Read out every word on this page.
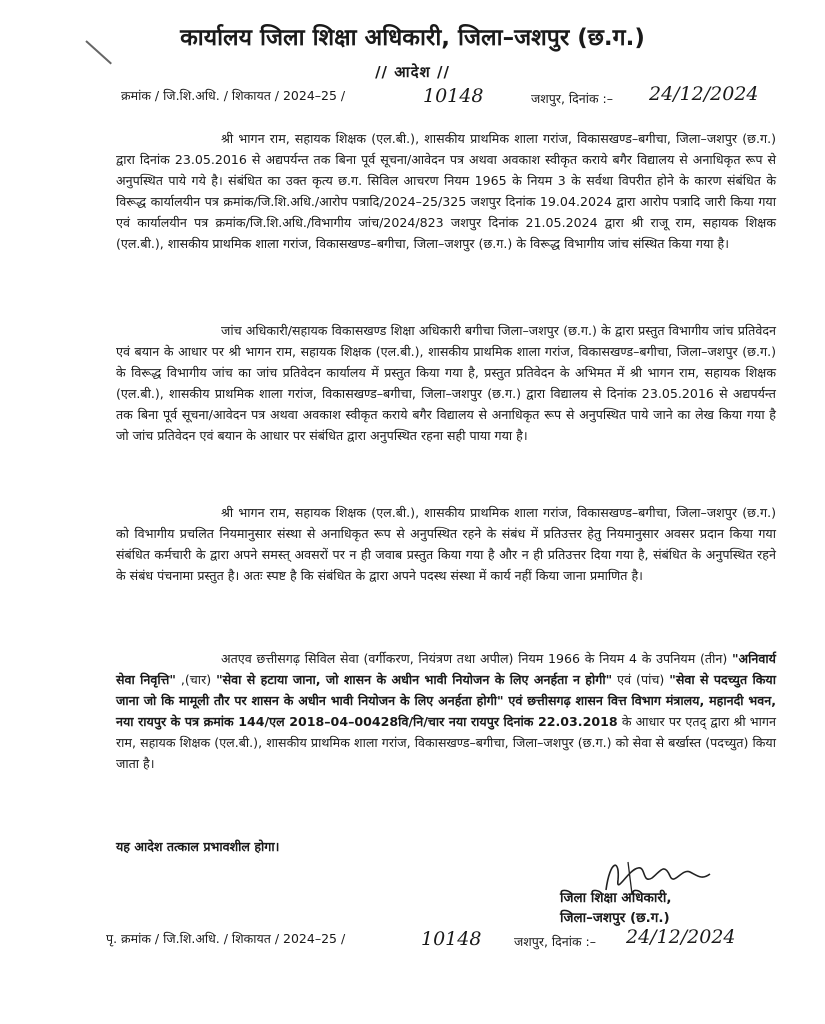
कार्यालय जिला शिक्षा अधिकारी, जिला–जशपुर (छ.ग.)
// आदेश //
क्रमांक / जि.शि.अधि. / शिकायत / 2024–25 /	10148	जशपुर, दिनांक :– 24/12/2024

श्री भागन राम, सहायक शिक्षक (एल.बी.), शासकीय प्राथमिक शाला गरांज, विकासखण्ड–बगीचा, जिला–जशपुर (छ.ग.) द्वारा दिनांक 23.05.2016 से अद्यपर्यन्त तक बिना पूर्व सूचना/आवेदन पत्र अथवा अवकाश स्वीकृत कराये बगैर विद्यालय से अनाधिकृत रूप से अनुपस्थित पाये गये है। संबंधित का उक्त कृत्य छ.ग. सिविल आचरण नियम 1965 के नियम 3 के सर्वथा विपरीत होने के कारण संबंधित के विरूद्ध कार्यालयीन पत्र क्रमांक/जि.शि.अधि./आरोप पत्रादि/2024–25/325 जशपुर दिनांक 19.04.2024 द्वारा आरोप पत्रादि जारी किया गया एवं कार्यालयीन पत्र क्रमांक/जि.शि.अधि./विभागीय जांच/2024/823 जशपुर दिनांक 21.05.2024 द्वारा श्री राजू राम, सहायक शिक्षक (एल.बी.), शासकीय प्राथमिक शाला गरांज, विकासखण्ड–बगीचा, जिला–जशपुर (छ.ग.) के विरूद्ध विभागीय जांच संस्थित किया गया है।

जांच अधिकारी/सहायक विकासखण्ड शिक्षा अधिकारी बगीचा जिला–जशपुर (छ.ग.) के द्वारा प्रस्तुत विभागीय जांच प्रतिवेदन एवं बयान के आधार पर श्री भागन राम, सहायक शिक्षक (एल.बी.), शासकीय प्राथमिक शाला गरांज, विकासखण्ड–बगीचा, जिला–जशपुर (छ.ग.) के विरूद्ध विभागीय जांच का जांच प्रतिवेदन कार्यालय में प्रस्तुत किया गया है, प्रस्तुत प्रतिवेदन के अभिमत में श्री भागन राम, सहायक शिक्षक (एल.बी.), शासकीय प्राथमिक शाला गरांज, विकासखण्ड–बगीचा, जिला–जशपुर (छ.ग.) द्वारा विद्यालय से दिनांक 23.05.2016 से अद्यपर्यन्त तक बिना पूर्व सूचना/आवेदन पत्र अथवा अवकाश स्वीकृत कराये बगैर विद्यालय से अनाधिकृत रूप से अनुपस्थित पाये जाने का लेख किया गया है जो जांच प्रतिवेदन एवं बयान के आधार पर संबंधित द्वारा अनुपस्थित रहना सही पाया गया है।

श्री भागन राम, सहायक शिक्षक (एल.बी.), शासकीय प्राथमिक शाला गरांज, विकासखण्ड–बगीचा, जिला–जशपुर (छ.ग.) को विभागीय प्रचलित नियमानुसार संस्था से अनाधिकृत रूप से अनुपस्थित रहने के संबंध में प्रतिउत्तर हेतु नियमानुसार अवसर प्रदान किया गया संबंधित कर्मचारी के द्वारा अपने समस्त् अवसरों पर न ही जवाब प्रस्तुत किया गया है और न ही प्रतिउत्तर दिया गया है, संबंधित के अनुपस्थित रहने के संबंध पंचनामा प्रस्तुत है। अतः स्पष्ट है कि संबंधित के द्वारा अपने पदस्थ संस्था में कार्य नहीं किया जाना प्रमाणित है।

अतएव छत्तीसगढ़ सिविल सेवा (वर्गीकरण, नियंत्रण तथा अपील) नियम 1966 के नियम 4 के उपनियम (तीन) "अनिवार्य सेवा निवृत्ति" ,(चार) "सेवा से हटाया जाना, जो शासन के अधीन भावी नियोजन के लिए अनर्हता न होगी" एवं (पांच) "सेवा से पदच्युत किया जाना जो कि मामूली तौर पर शासन के अधीन भावी नियोजन के लिए अनर्हता होगी" एवं छत्तीसगढ़ शासन वित्त विभाग मंत्रालय, महानदी भवन, नया रायपुर के पत्र क्रमांक 144/एल 2018–04–00428वि/नि/चार नया रायपुर दिनांक 22.03.2018 के आधार पर एतद् द्वारा श्री भागन राम, सहायक शिक्षक (एल.बी.), शासकीय प्राथमिक शाला गरांज, विकासखण्ड–बगीचा, जिला–जशपुर (छ.ग.) को सेवा से बर्खास्त (पदच्युत) किया जाता है।

यह आदेश तत्काल प्रभावशील होगा।
जिला शिक्षा अधिकारी,
जिला–जशपुर (छ.ग.)
पृ. क्रमांक / जि.शि.अधि. / शिकायत / 2024–25 /	10148	जशपुर, दिनांक :– 24/12/2024
